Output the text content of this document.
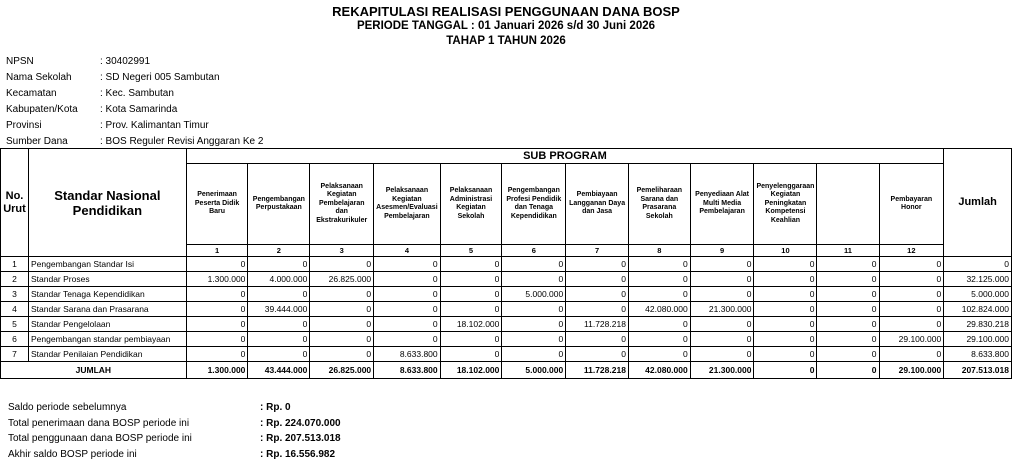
REKAPITULASI REALISASI PENGGUNAAN DANA BOSP
PERIODE TANGGAL : 01 Januari 2026 s/d 30 Juni 2026
TAHAP 1 TAHUN 2026
NPSN	: 30402991
Nama Sekolah	: SD Negeri 005 Sambutan
Kecamatan	: Kec. Sambutan
Kabupaten/Kota	: Kota Samarinda
Provinsi	: Prov. Kalimantan Timur
Sumber Dana	: BOS Reguler Revisi Anggaran Ke 2
No. Urut	Standar Nasional Pendidikan	SUB PROGRAM												Jumlah
		Penerimaan Peserta Didik Baru	Pengembangan Perpustakaan	Pelaksanaan Kegiatan Pembelajaran dan Ekstrakurikuler	Pelaksanaan Kegiatan Asesmen/Evaluasi Pembelajaran	Pelaksanaan Administrasi Kegiatan Sekolah	Pengembangan Profesi Pendidik dan Tenaga Kependidikan	Pembiayaan Langganan Daya dan Jasa	Pemeliharaan Sarana dan Prasarana Sekolah	Penyediaan Alat Multi Media Pembelajaran	Penyelenggaraan Kegiatan Peningkatan Kompetensi Keahlian		Pembayaran Honor	
		1	2	3	4	5	6	7	8	9	10	11	12	
1	Pengembangan Standar Isi	0	0	0	0	0	0	0	0	0	0	0	0	0
2	Standar Proses	1.300.000	4.000.000	26.825.000	0	0	0	0	0	0	0	0	0	32.125.000
3	Standar Tenaga Kependidikan	0	0	0	0	0	5.000.000	0	0	0	0	0	0	5.000.000
4	Standar Sarana dan Prasarana	0	39.444.000	0	0	0	0	0	42.080.000	21.300.000	0	0	0	102.824.000
5	Standar Pengelolaan	0	0	0	0	18.102.000	0	11.728.218	0	0	0	0	0	29.830.218
6	Pengembangan standar pembiayaan	0	0	0	0	0	0	0	0	0	0	0	29.100.000	29.100.000
7	Standar Penilaian Pendidikan	0	0	0	8.633.800	0	0	0	0	0	0	0	0	8.633.800
JUMLAH		1.300.000	43.444.000	26.825.000	8.633.800	18.102.000	5.000.000	11.728.218	42.080.000	21.300.000	0	0	29.100.000	207.513.018
Saldo periode sebelumnya	: Rp. 0
Total penerimaan dana BOSP periode ini	: Rp. 224.070.000
Total penggunaan dana BOSP periode ini	: Rp. 207.513.018
Akhir saldo BOSP periode ini	: Rp. 16.556.982
